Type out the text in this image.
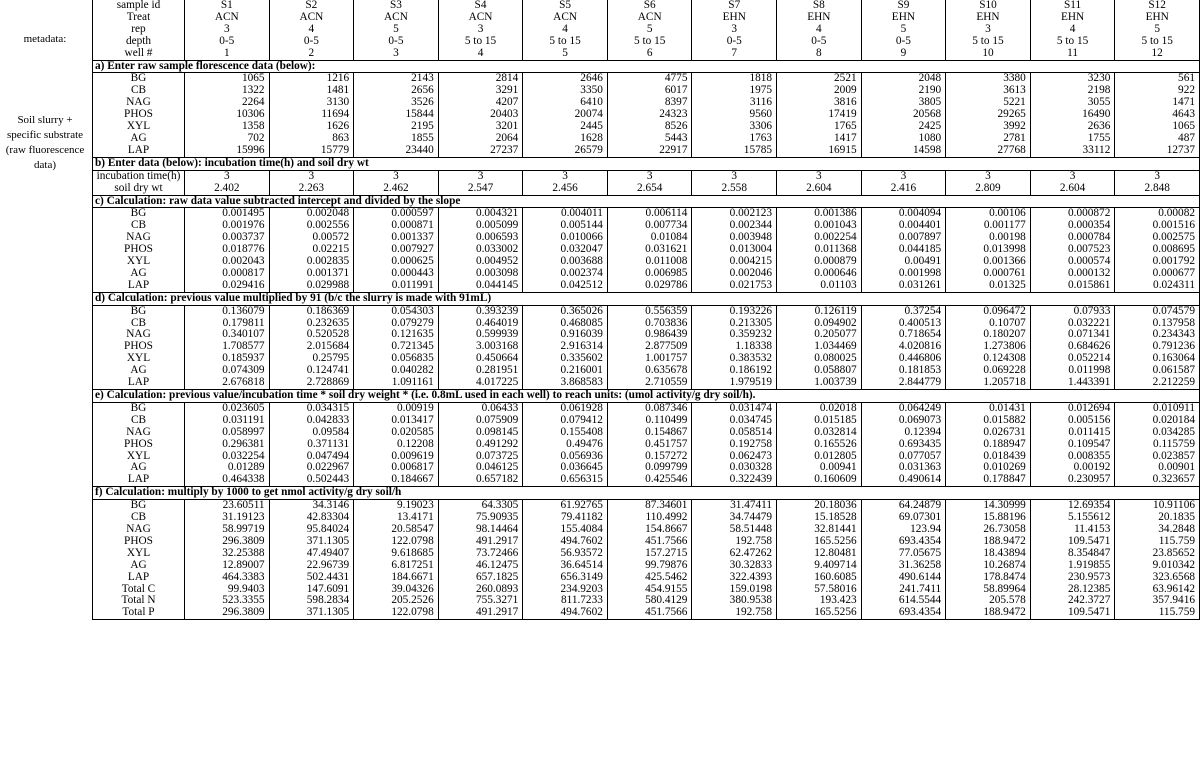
metadata:
Soil slurry +
specific substrate
(raw fluorescence
data)
sample id	S1	S2	S3	S4	S5	S6	S7	S8	S9	S10	S11	S12
Treat	ACN	ACN	ACN	ACN	ACN	ACN	EHN	EHN	EHN	EHN	EHN	EHN
rep	3	4	5	3	4	5	3	4	5	3	4	5
depth	0-5	0-5	0-5	5 to 15	5 to 15	5 to 15	0-5	0-5	0-5	5 to 15	5 to 15	5 to 15
well #	1	2	3	4	5	6	7	8	9	10	11	12
a) Enter raw sample florescence data (below):												
BG	1065	1216	2143	2814	2646	4775	1818	2521	2048	3380	3230	561
CB	1322	1481	2656	3291	3350	6017	1975	2009	2190	3613	2198	922
NAG	2264	3130	3526	4207	6410	8397	3116	3816	3805	5221	3055	1471
PHOS	10306	11694	15844	20403	20074	24323	9560	17419	20568	29265	16490	4643
XYL	1358	1626	2195	3201	2445	8526	3306	1765	2425	3992	2636	1065
AG	702	863	1855	2064	1628	5443	1763	1417	1080	2781	1755	487
LAP	15996	15779	23440	27237	26579	22917	15785	16915	14598	27768	33112	12737
b) Enter data (below): incubation time(h) and soil dry wt												
incubation time(h)	3	3	3	3	3	3	3	3	3	3	3	3
soil dry wt	2.402	2.263	2.462	2.547	2.456	2.654	2.558	2.604	2.416	2.809	2.604	2.848
c) Calculation: raw data value subtracted intercept and divided by the slope												
BG	0.001495	0.002048	0.000597	0.004321	0.004011	0.006114	0.002123	0.001386	0.004094	0.00106	0.000872	0.00082
CB	0.001976	0.002556	0.000871	0.005099	0.005144	0.007734	0.002344	0.001043	0.004401	0.001177	0.000354	0.001516
NAG	0.003737	0.00572	0.001337	0.006593	0.010066	0.01084	0.003948	0.002254	0.007897	0.00198	0.000784	0.002575
PHOS	0.018776	0.02215	0.007927	0.033002	0.032047	0.031621	0.013004	0.011368	0.044185	0.013998	0.007523	0.008695
XYL	0.002043	0.002835	0.000625	0.004952	0.003688	0.011008	0.004215	0.000879	0.00491	0.001366	0.000574	0.001792
AG	0.000817	0.001371	0.000443	0.003098	0.002374	0.006985	0.002046	0.000646	0.001998	0.000761	0.000132	0.000677
LAP	0.029416	0.029988	0.011991	0.044145	0.042512	0.029786	0.021753	0.01103	0.031261	0.01325	0.015861	0.024311
d) Calculation: previous value multiplied by 91 (b/c the slurry is made with 91mL)												
BG	0.136079	0.186369	0.054303	0.393239	0.365026	0.556359	0.193226	0.126119	0.37254	0.096472	0.07933	0.074579
CB	0.179811	0.232635	0.079279	0.464019	0.468085	0.703836	0.213305	0.094902	0.400513	0.10707	0.032221	0.137958
NAG	0.340107	0.520528	0.121635	0.599939	0.916039	0.986439	0.359232	0.205077	0.718654	0.180207	0.071341	0.234343
PHOS	1.708577	2.015684	0.721345	3.003168	2.916314	2.877509	1.18338	1.034469	4.020816	1.273806	0.684626	0.791236
XYL	0.185937	0.25795	0.056835	0.450664	0.335602	1.001757	0.383532	0.080025	0.446806	0.124308	0.052214	0.163064
AG	0.074309	0.124741	0.040282	0.281951	0.216001	0.635678	0.186192	0.058807	0.181853	0.069228	0.011998	0.061587
LAP	2.676818	2.728869	1.091161	4.017225	3.868583	2.710559	1.979519	1.003739	2.844779	1.205718	1.443391	2.212259
e) Calculation: previous value/incubation time * soil dry weight * (i.e. 0.8mL used in each well) to reach units: (umol activity/g dry soil/h).												
BG	0.023605	0.034315	0.00919	0.06433	0.061928	0.087346	0.031474	0.02018	0.064249	0.01431	0.012694	0.010911
CB	0.031191	0.042833	0.013417	0.075909	0.079412	0.110499	0.034745	0.015185	0.069073	0.015882	0.005156	0.020184
NAG	0.058997	0.09584	0.020585	0.098145	0.155408	0.154867	0.058514	0.032814	0.12394	0.026731	0.011415	0.034285
PHOS	0.296381	0.371131	0.12208	0.491292	0.49476	0.451757	0.192758	0.165526	0.693435	0.188947	0.109547	0.115759
XYL	0.032254	0.047494	0.009619	0.073725	0.056936	0.157272	0.062473	0.012805	0.077057	0.018439	0.008355	0.023857
AG	0.01289	0.022967	0.006817	0.046125	0.036645	0.099799	0.030328	0.00941	0.031363	0.010269	0.00192	0.00901
LAP	0.464338	0.502443	0.184667	0.657182	0.656315	0.425546	0.322439	0.160609	0.490614	0.178847	0.230957	0.323657
f) Calculation: multiply by 1000 to get nmol activity/g dry soil/h												
BG	23.60511	34.3146	9.19023	64.3305	61.92765	87.34601	31.47411	20.18036	64.24879	14.30999	12.69354	10.91106
CB	31.19123	42.83304	13.4171	75.90935	79.41182	110.4992	34.74479	15.18528	69.07301	15.88196	5.155612	20.1835
NAG	58.99719	95.84024	20.58547	98.14464	155.4084	154.8667	58.51448	32.81441	123.94	26.73058	11.4153	34.2848
PHOS	296.3809	371.1305	122.0798	491.2917	494.7602	451.7566	192.758	165.5256	693.4354	188.9472	109.5471	115.759
XYL	32.25388	47.49407	9.618685	73.72466	56.93572	157.2715	62.47262	12.80481	77.05675	18.43894	8.354847	23.85652
AG	12.89007	22.96739	6.817251	46.12475	36.64514	99.79876	30.32833	9.409714	31.36258	10.26874	1.919855	9.010342
LAP	464.3383	502.4431	184.6671	657.1825	656.3149	425.5462	322.4393	160.6085	490.6144	178.8474	230.9573	323.6568
Total C	99.9403	147.6091	39.04326	260.0893	234.9203	454.9155	159.0198	57.58016	241.7411	58.89964	28.12385	63.96142
Total N	523.3355	598.2834	205.2526	755.3271	811.7233	580.4129	380.9538	193.423	614.5544	205.578	242.3727	357.9416
Total P	296.3809	371.1305	122.0798	491.2917	494.7602	451.7566	192.758	165.5256	693.4354	188.9472	109.5471	115.759
